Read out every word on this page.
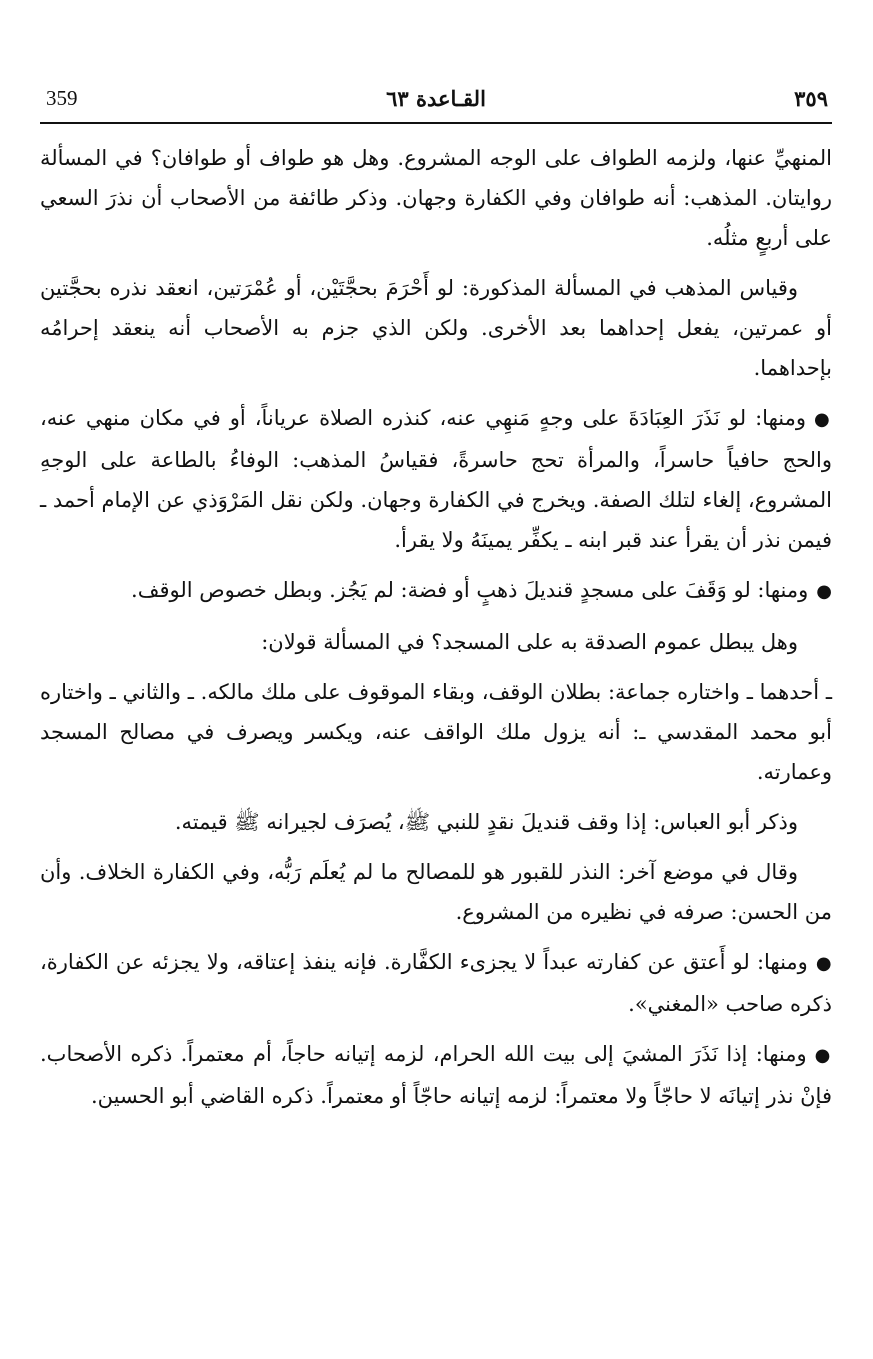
359	القـاعدة ٦٣	٣٥٩

المنهيِّ عنها، ولزمه الطواف على الوجه المشروع. وهل هو طواف أو طوافان؟ في المسألة روايتان. المذهب: أنه طوافان وفي الكفارة وجهان. وذكر طائفة من الأصحاب أن نذرَ السعي على أربعٍ مثلُه.

وقياس المذهب في المسألة المذكورة: لو أَحْرَمَ بحجَّتَيْن، أو عُمْرَتين، انعقد نذره بحجَّتين أو عمرتين، يفعل إحداهما بعد الأخرى. ولكن الذي جزم به الأصحاب أنه ينعقد إحرامُه بإحداهما.

●ومنها: لو نَذَرَ العِبَادَةَ على وجهٍ مَنهِي عنه، كنذره الصلاة عرياناً، أو في مكان منهي عنه، والحج حافياً حاسراً، والمرأة تحج حاسرةً، فقياسُ المذهب: الوفاءُ بالطاعة على الوجهِ المشروع، إلغاء لتلك الصفة. ويخرج في الكفارة وجهان. ولكن نقل المَرْوَذي عن الإمام أحمد ـ فيمن نذر أن يقرأ عند قبر ابنه ـ يكفِّر يمينَهُ ولا يقرأ.

●ومنها: لو وَقَفَ على مسجدٍ قنديلَ ذهبٍ أو فضة: لم يَجُز. وبطل خصوص الوقف.

وهل يبطل عموم الصدقة به على المسجد؟ في المسألة قولان:

ـ أحدهما ـ واختاره جماعة: بطلان الوقف، وبقاء الموقوف على ملك مالكه. ـ والثاني ـ واختاره أبو محمد المقدسي ـ: أنه يزول ملك الواقف عنه، ويكسر ويصرف في مصالح المسجد وعمارته.

وذكر أبو العباس: إذا وقف قنديلَ نقدٍ للنبي ﷺ، يُصرَف لجيرانه ﷺ قيمته.

وقال في موضع آخر: النذر للقبور هو للمصالح ما لم يُعلَم رَبُّه، وفي الكفارة الخلاف. وأن من الحسن: صرفه في نظيره من المشروع.

●ومنها: لو أَعتق عن كفارته عبداً لا يجزىء الكفَّارة. فإنه ينفذ إعتاقه، ولا يجزئه عن الكفارة، ذكره صاحب «المغني».

●ومنها: إذا نَذَرَ المشيَ إلى بيت الله الحرام، لزمه إتيانه حاجاً، أم معتمراً. ذكره الأصحاب. فإنْ نذر إتيانَه لا حاجّاً ولا معتمراً: لزمه إتيانه حاجّاً أو معتمراً. ذكره القاضي أبو الحسين.
